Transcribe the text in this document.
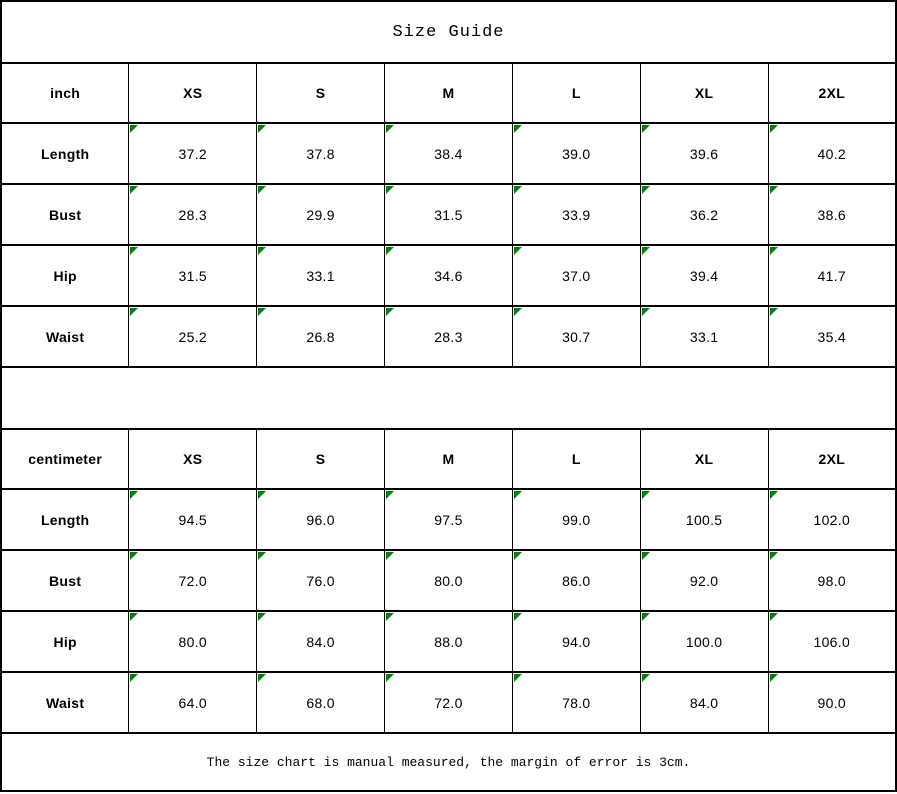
Size Guide						
inch	XS	S	M	L	XL	2XL
Length	37.2	37.8	38.4	39.0	39.6	40.2
Bust	28.3	29.9	31.5	33.9	36.2	38.6
Hip	31.5	33.1	34.6	37.0	39.4	41.7
Waist	25.2	26.8	28.3	30.7	33.1	35.4

centimeter	XS	S	M	L	XL	2XL
Length	94.5	96.0	97.5	99.0	100.5	102.0
Bust	72.0	76.0	80.0	86.0	92.0	98.0
Hip	80.0	84.0	88.0	94.0	100.0	106.0
Waist	64.0	68.0	72.0	78.0	84.0	90.0
The size chart is manual measured, the margin of error is 3cm.						
